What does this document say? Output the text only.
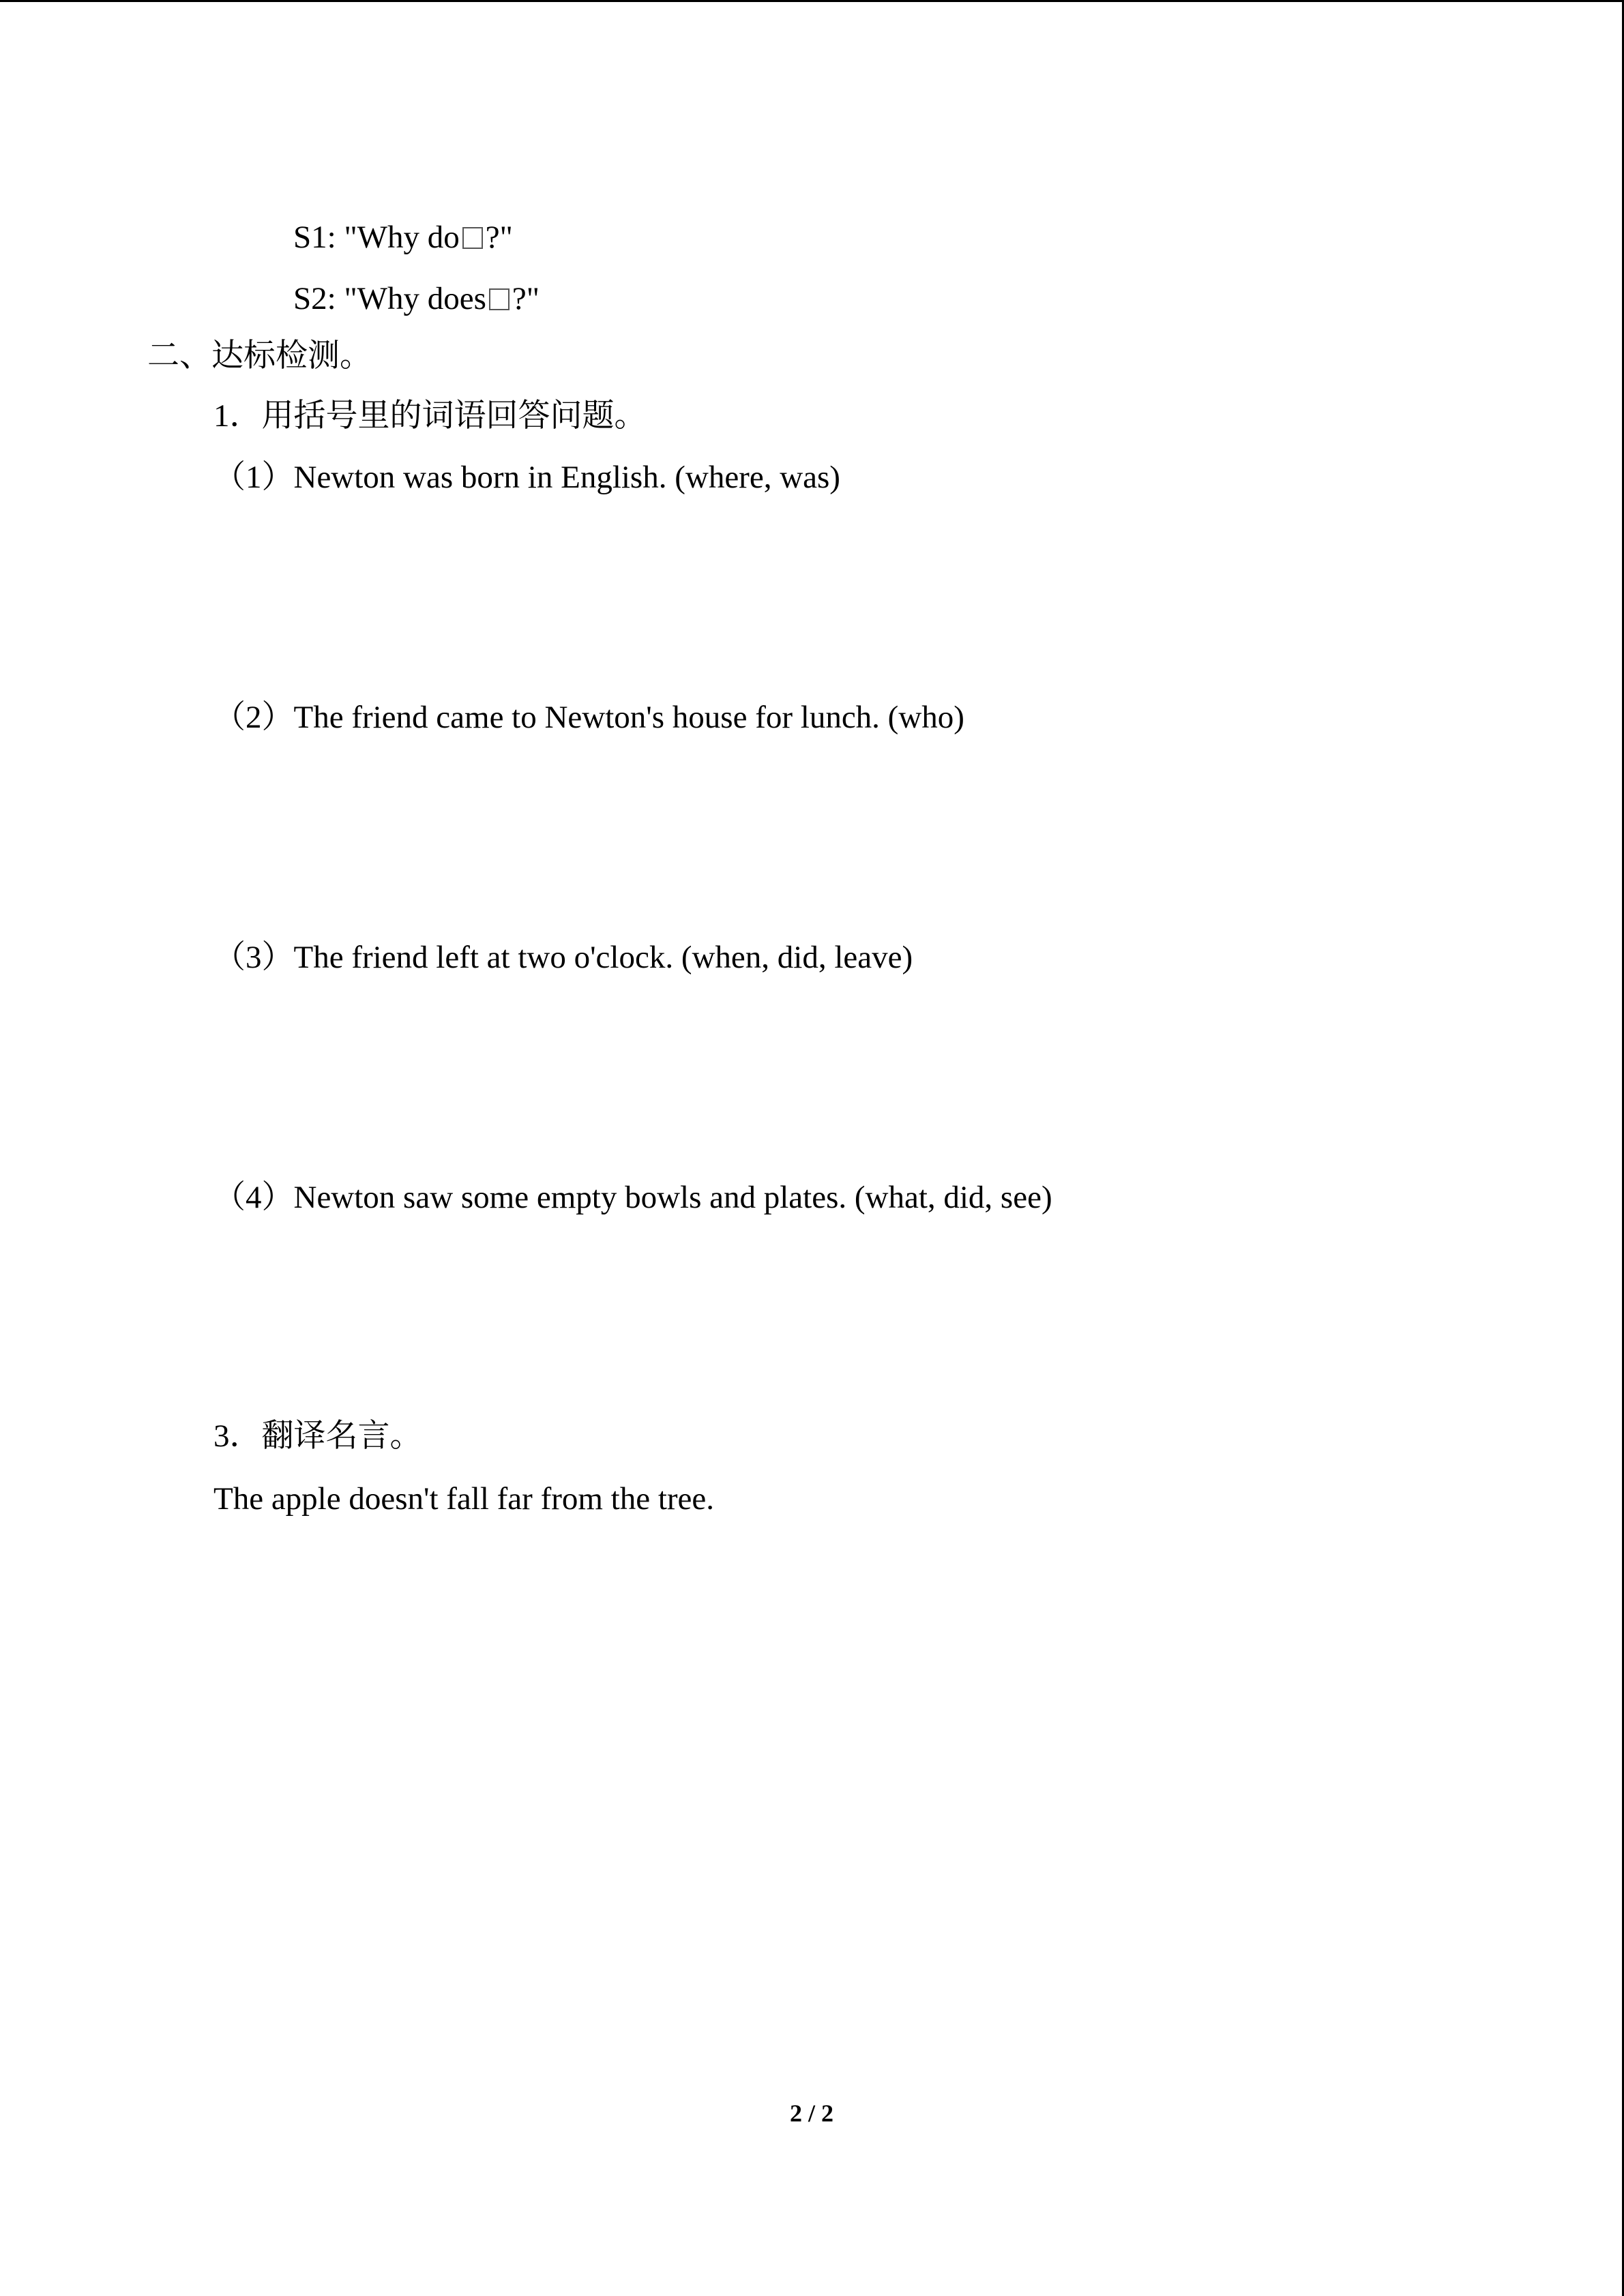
S1: "Why do ?"
S2: "Why does ?"
二、达标检测。
1．用括号里的词语回答问题。
（1）Newton was born in English. (where, was)
（2）The friend came to Newton's house for lunch. (who)
（3）The friend left at two o'clock. (when, did, leave)
（4）Newton saw some empty bowls and plates. (what, did, see)
3．翻译名言。
The apple doesn't fall far from the tree.
2 / 2
